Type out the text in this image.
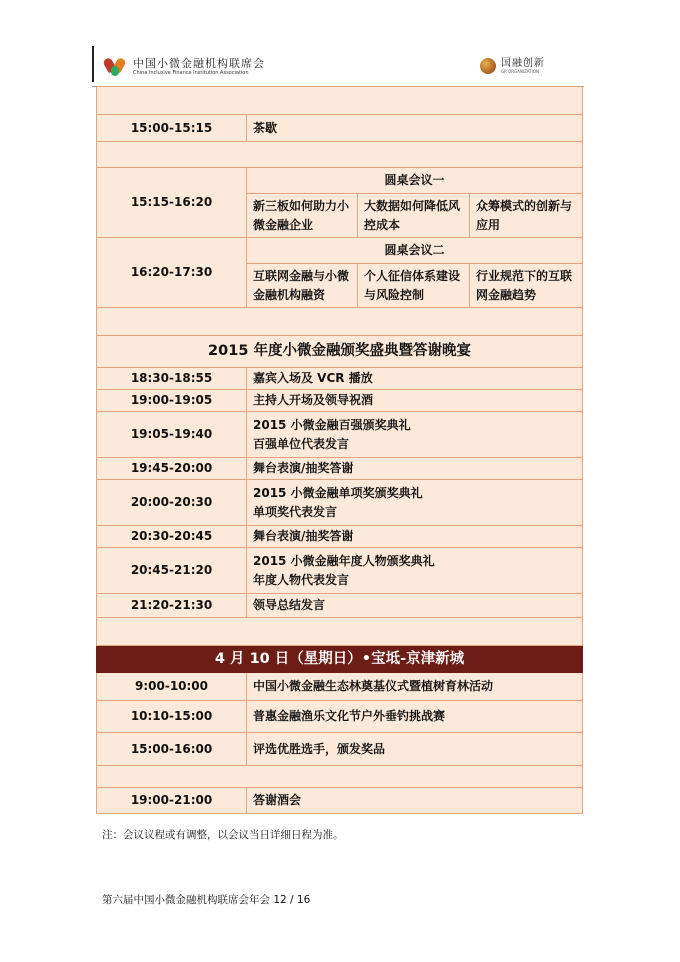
中国小微金融机构联席会
China Inclusive Finance Institution Association
国融创新
GR ORGANIZATION

15:00-15:15	茶歇		

15:15-16:20	圆桌会议一		
	新三板如何助力小微金融企业	大数据如何降低风控成本	众筹模式的创新与应用
16:20-17:30	圆桌会议二		
	互联网金融与小微金融机构融资	个人征信体系建设与风险控制	行业规范下的互联网金融趋势

2015 年度小微金融颁奖盛典暨答谢晚宴			
18:30-18:55	嘉宾入场及 VCR 播放		
19:00-19:05	主持人开场及领导祝酒		
19:05-19:40	2015 小微金融百强颁奖典礼
百强单位代表发言		

19:45-20:00	舞台表演/抽奖答谢		
20:00-20:30	2015 小微金融单项奖颁奖典礼
单项奖代表发言		

20:30-20:45	舞台表演/抽奖答谢		
20:45-21:20	2015 小微金融年度人物颁奖典礼
年度人物代表发言		

21:20-21:30	领导总结发言		

4 月 10 日（星期日）•宝坻-京津新城			
9:00-10:00	中国小微金融生态林奠基仪式暨植树育林活动		
10:10-15:00	普惠金融渔乐文化节户外垂钓挑战赛		
15:00-16:00	评选优胜选手，颁发奖品		

19:00-21:00	答谢酒会		
注：会议议程或有调整，以会议当日详细日程为准。
第六届中国小微金融机构联席会年会 12 / 16
